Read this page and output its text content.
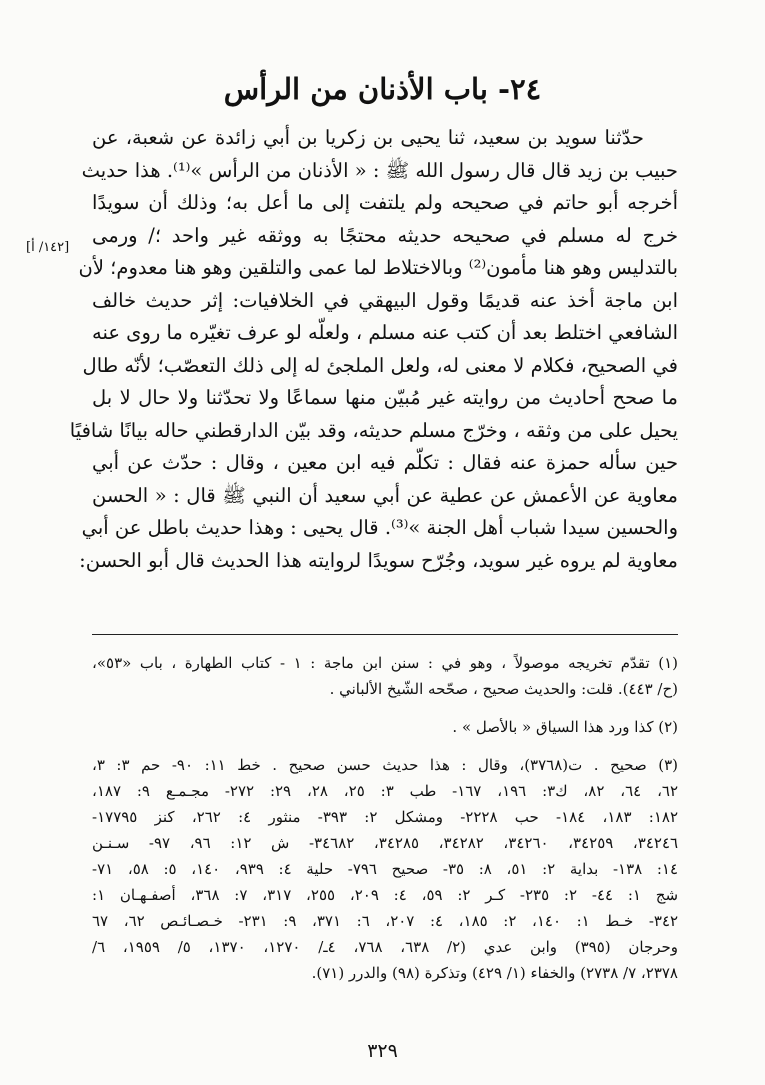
٢٤- باب الأذنان من الرأس
[١٤٢/ أ]
حدّثنا سويد بن سعيد، ثنا يحيى بن زكريا بن أبي زائدة عن شعبة، عن
حبيب بن زيد قال قال رسول الله ﷺ : « الأذنان من الرأس »⁽¹⁾. هذا حديث
أخرجه أبو حاتم في صحيحه ولم يلتفت إلى ما أعل به؛ وذلك أن سويدًا
خرج له مسلم في صحيحه حديثه محتجًا به ووثقه غير واحد ؛/ ورمى
بالتدليس وهو هنا مأمون⁽²⁾ وبالاختلاط لما عمى والتلقين وهو هنا معدوم؛ لأن
ابن ماجة أخذ عنه قديمًا وقول البيهقي في الخلافيات: إثر حديث خالف
الشافعي اختلط بعد أن كتب عنه مسلم ، ولعلّه لو عرف تغيّره ما روى عنه
في الصحيح، فكلام لا معنى له، ولعل الملجئ له إلى ذلك التعصّب؛ لأنّه طال
ما صحح أحاديث من روايته غير مُبيّن منها سماعًا ولا تحدّثنا ولا حال لا بل
يحيل على من وثقه ، وخرّج مسلم حديثه، وقد بيّن الدارقطني حاله بيانًا شافيًا
حين سأله حمزة عنه فقال : تكلّم فيه ابن معين ، وقال : حدّث عن أبي
معاوية عن الأعمش عن عطية عن أبي سعيد أن النبي ﷺ قال : « الحسن
والحسين سيدا شباب أهل الجنة »⁽³⁾. قال يحيى : وهذا حديث باطل عن أبي
معاوية لم يروه غير سويد، وجُرّح سويدًا لروايته هذا الحديث قال أبو الحسن:
(١) تقدّم تخريجه موصولاً ، وهو في : سنن ابن ماجة : ١ - كتاب الطهارة ، باب «٥٣»،
(ح/ ٤٤٣). قلت: والحديث صحيح ، صحّحه الشّيخ الألباني .
(٢) كذا ورد هذا السياق « بالأصل » .
(٣) صحيح . ت(٣٧٦٨)، وقال : هذا حديث حسن صحيح . خط ١١: ٩٠- حم ٣: ٣،
٦٢، ٦٤، ٨٢، ك٣: ١٩٦، ١٦٧- طب ٣: ٢٥، ٢٨، ٢٩: ٢٧٢- مجـمـع ٩: ١٨٧،
١٨٢: ١٨٣، ١٨٤- حب ٢٢٢٨- ومشكل ٢: ٣٩٣- منثور ٤: ٢٦٢، كنز ١٧٧٩٥-
٣٤٢٤٦، ٣٤٢٥٩، ٣٤٢٦٠، ٣٤٢٨٢، ٣٤٢٨٥، ٣٤٦٨٢- ش ١٢: ٩٦، ٩٧- سـنـن
١٤: ١٣٨- بداية ٢: ٥١، ٨: ٣٥- صحيح ٧٩٦- حلية ٤: ٩٣٩، ١٤٠، ٥: ٥٨، ٧١-
شج ١: ٤٤- ٢: ٢٣٥- كـر ٢: ٥٩، ٤: ٢٠٩، ٢٥٥، ٣١٧، ٧: ٣٦٨، أصفـهـان ١:
٣٤٢- خـط ١: ١٤٠، ٢: ١٨٥، ٤: ٢٠٧، ٦: ٣٧١، ٩: ٢٣١- خـصـائـص ٦٢، ٦٧
وحرجان (٣٩٥) وابن عدي (٢/ ٦٣٨، ٧٦٨، ٤ـ/ ١٢٧٠، ١٣٧٠، ٥/ ١٩٥٩، ٦/
٢٣٧٨، ٧/ ٢٧٣٨) والخفاء (١/ ٤٢٩) وتذكرة (٩٨) والدرر (٧١).
٣٢٩
